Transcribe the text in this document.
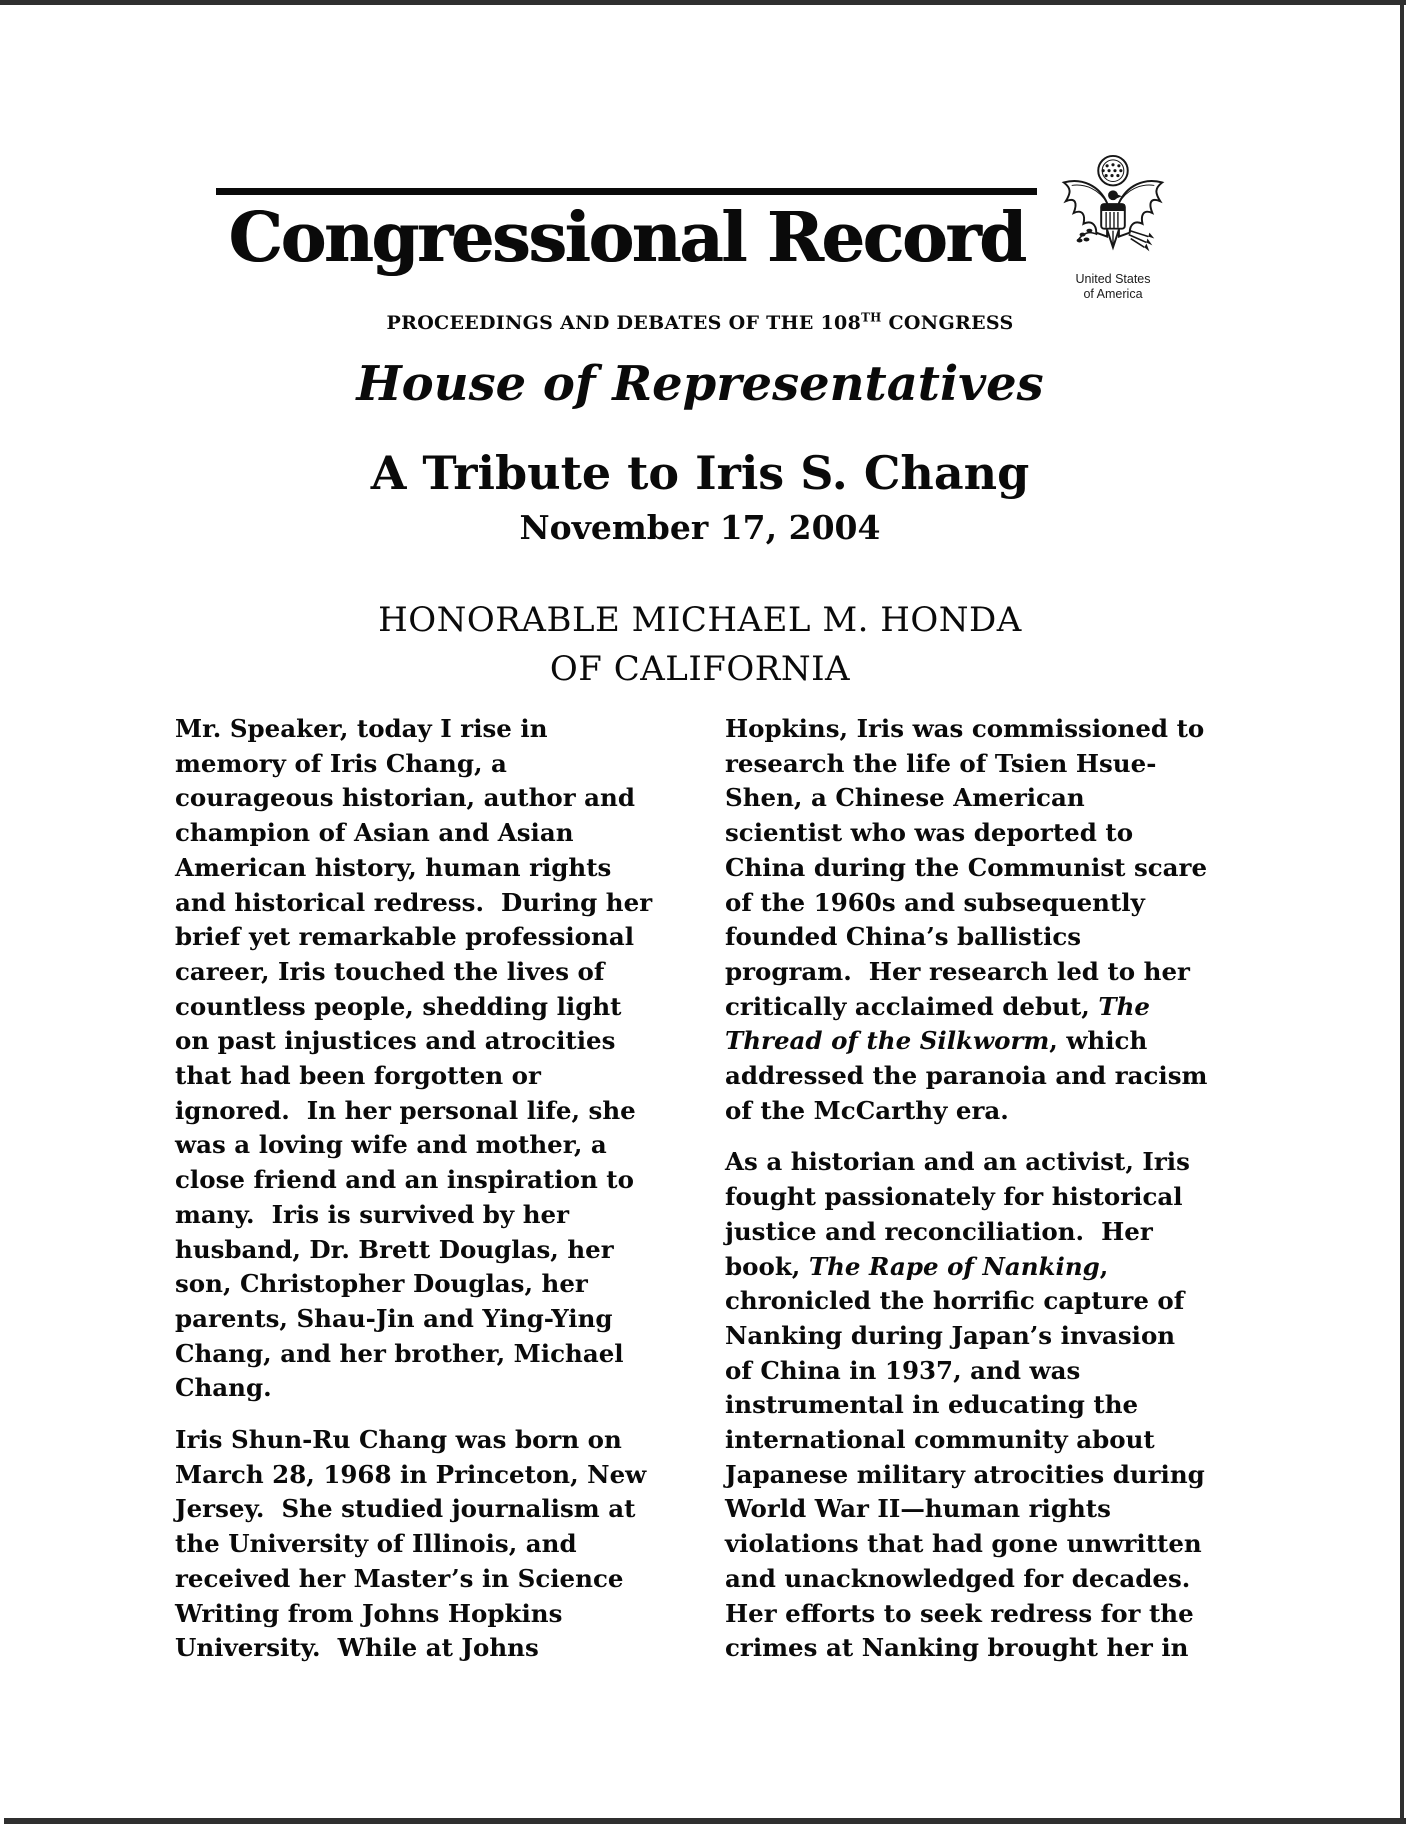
Congressional Record
PROCEEDINGS AND DEBATES OF THE 108TH CONGRESS
United States
of America
House of Representatives
A Tribute to Iris S. Chang
November 17, 2004
HONORABLE MICHAEL M. HONDA
OF CALIFORNIA

Mr. Speaker, today I rise in memory of Iris Chang, a courageous historian, author and champion of Asian and Asian American history, human rights and historical redress.  During her brief yet remarkable professional career, Iris touched the lives of countless people, shedding light on past injustices and atrocities that had been forgotten or ignored.  In her personal life, she was a loving wife and mother, a close friend and an inspiration to many.  Iris is survived by her husband, Dr. Brett Douglas, her son, Christopher Douglas, her parents, Shau-Jin and Ying-Ying Chang, and her brother, Michael Chang.

Iris Shun-Ru Chang was born on March 28, 1968 in Princeton, New Jersey.  She studied journalism at the University of Illinois, and received her Master’s in Science Writing from Johns Hopkins University.  While at Johns

Hopkins, Iris was commissioned to research the life of Tsien Hsue-Shen, a Chinese American scientist who was deported to China during the Communist scare of the 1960s and subsequently founded China’s ballistics program.  Her research led to her critically acclaimed debut, The Thread of the Silkworm, which addressed the paranoia and racism of the McCarthy era.

As a historian and an activist, Iris fought passionately for historical justice and reconciliation.  Her book, The Rape of Nanking, chronicled the horrific capture of Nanking during Japan’s invasion of China in 1937, and was instrumental in educating the international community about Japanese military atrocities during World War II—human rights violations that had gone unwritten and unacknowledged for decades.  Her efforts to seek redress for the crimes at Nanking brought her in
